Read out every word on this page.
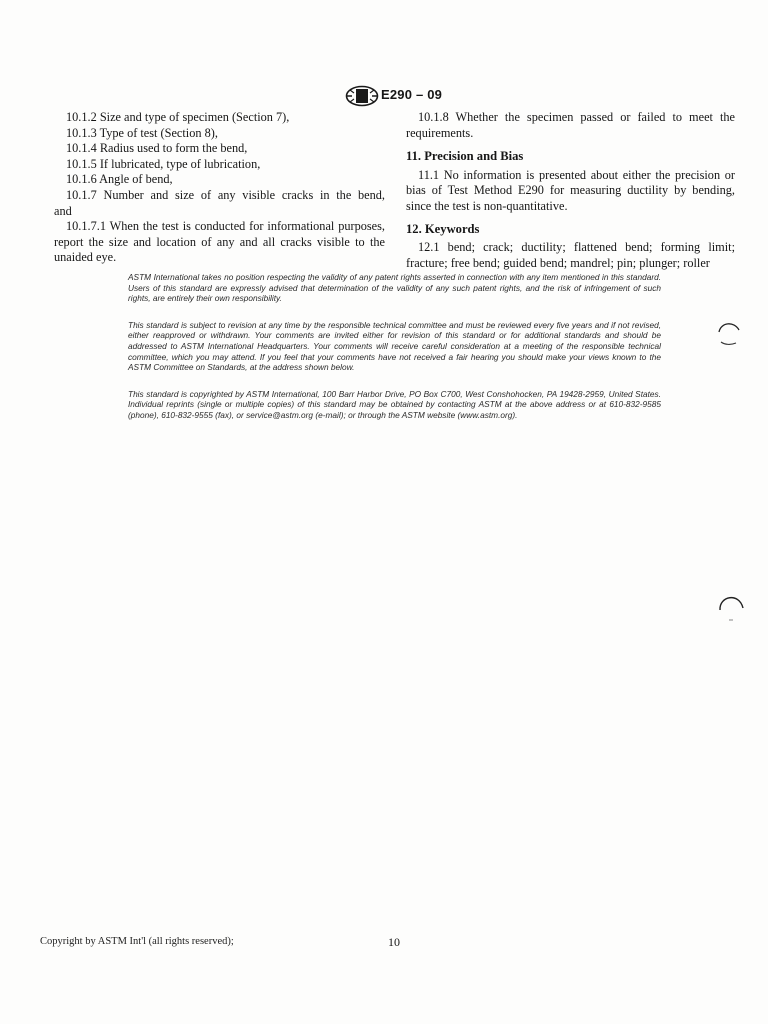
E290 – 09
10.1.2 Size and type of specimen (Section 7),
10.1.3 Type of test (Section 8),
10.1.4 Radius used to form the bend,
10.1.5 If lubricated, type of lubrication,
10.1.6 Angle of bend,
10.1.7 Number and size of any visible cracks in the bend,
and
10.1.7.1 When the test is conducted for informational purposes, report the size and location of any and all cracks visible to the unaided eye.
10.1.8 Whether the specimen passed or failed to meet the requirements.
11. Precision and Bias
11.1 No information is presented about either the precision or bias of Test Method E290 for measuring ductility by bending, since the test is non-quantitative.
12. Keywords
12.1 bend; crack; ductility; flattened bend; forming limit; fracture; free bend; guided bend; mandrel; pin; plunger; roller

ASTM International takes no position respecting the validity of any patent rights asserted in connection with any item mentioned in this standard. Users of this standard are expressly advised that determination of the validity of any such patent rights, and the risk of infringement of such rights, are entirely their own responsibility.

This standard is subject to revision at any time by the responsible technical committee and must be reviewed every five years and if not revised, either reapproved or withdrawn. Your comments are invited either for revision of this standard or for additional standards and should be addressed to ASTM International Headquarters. Your comments will receive careful consideration at a meeting of the responsible technical committee, which you may attend. If you feel that your comments have not received a fair hearing you should make your views known to the ASTM Committee on Standards, at the address shown below.

This standard is copyrighted by ASTM International, 100 Barr Harbor Drive, PO Box C700, West Conshohocken, PA 19428-2959, United States. Individual reprints (single or multiple copies) of this standard may be obtained by contacting ASTM at the above address or at 610-832-9585 (phone), 610-832-9555 (fax), or service@astm.org (e-mail); or through the ASTM website (www.astm.org).

Copyright by ASTM Int'l (all rights reserved);	10
